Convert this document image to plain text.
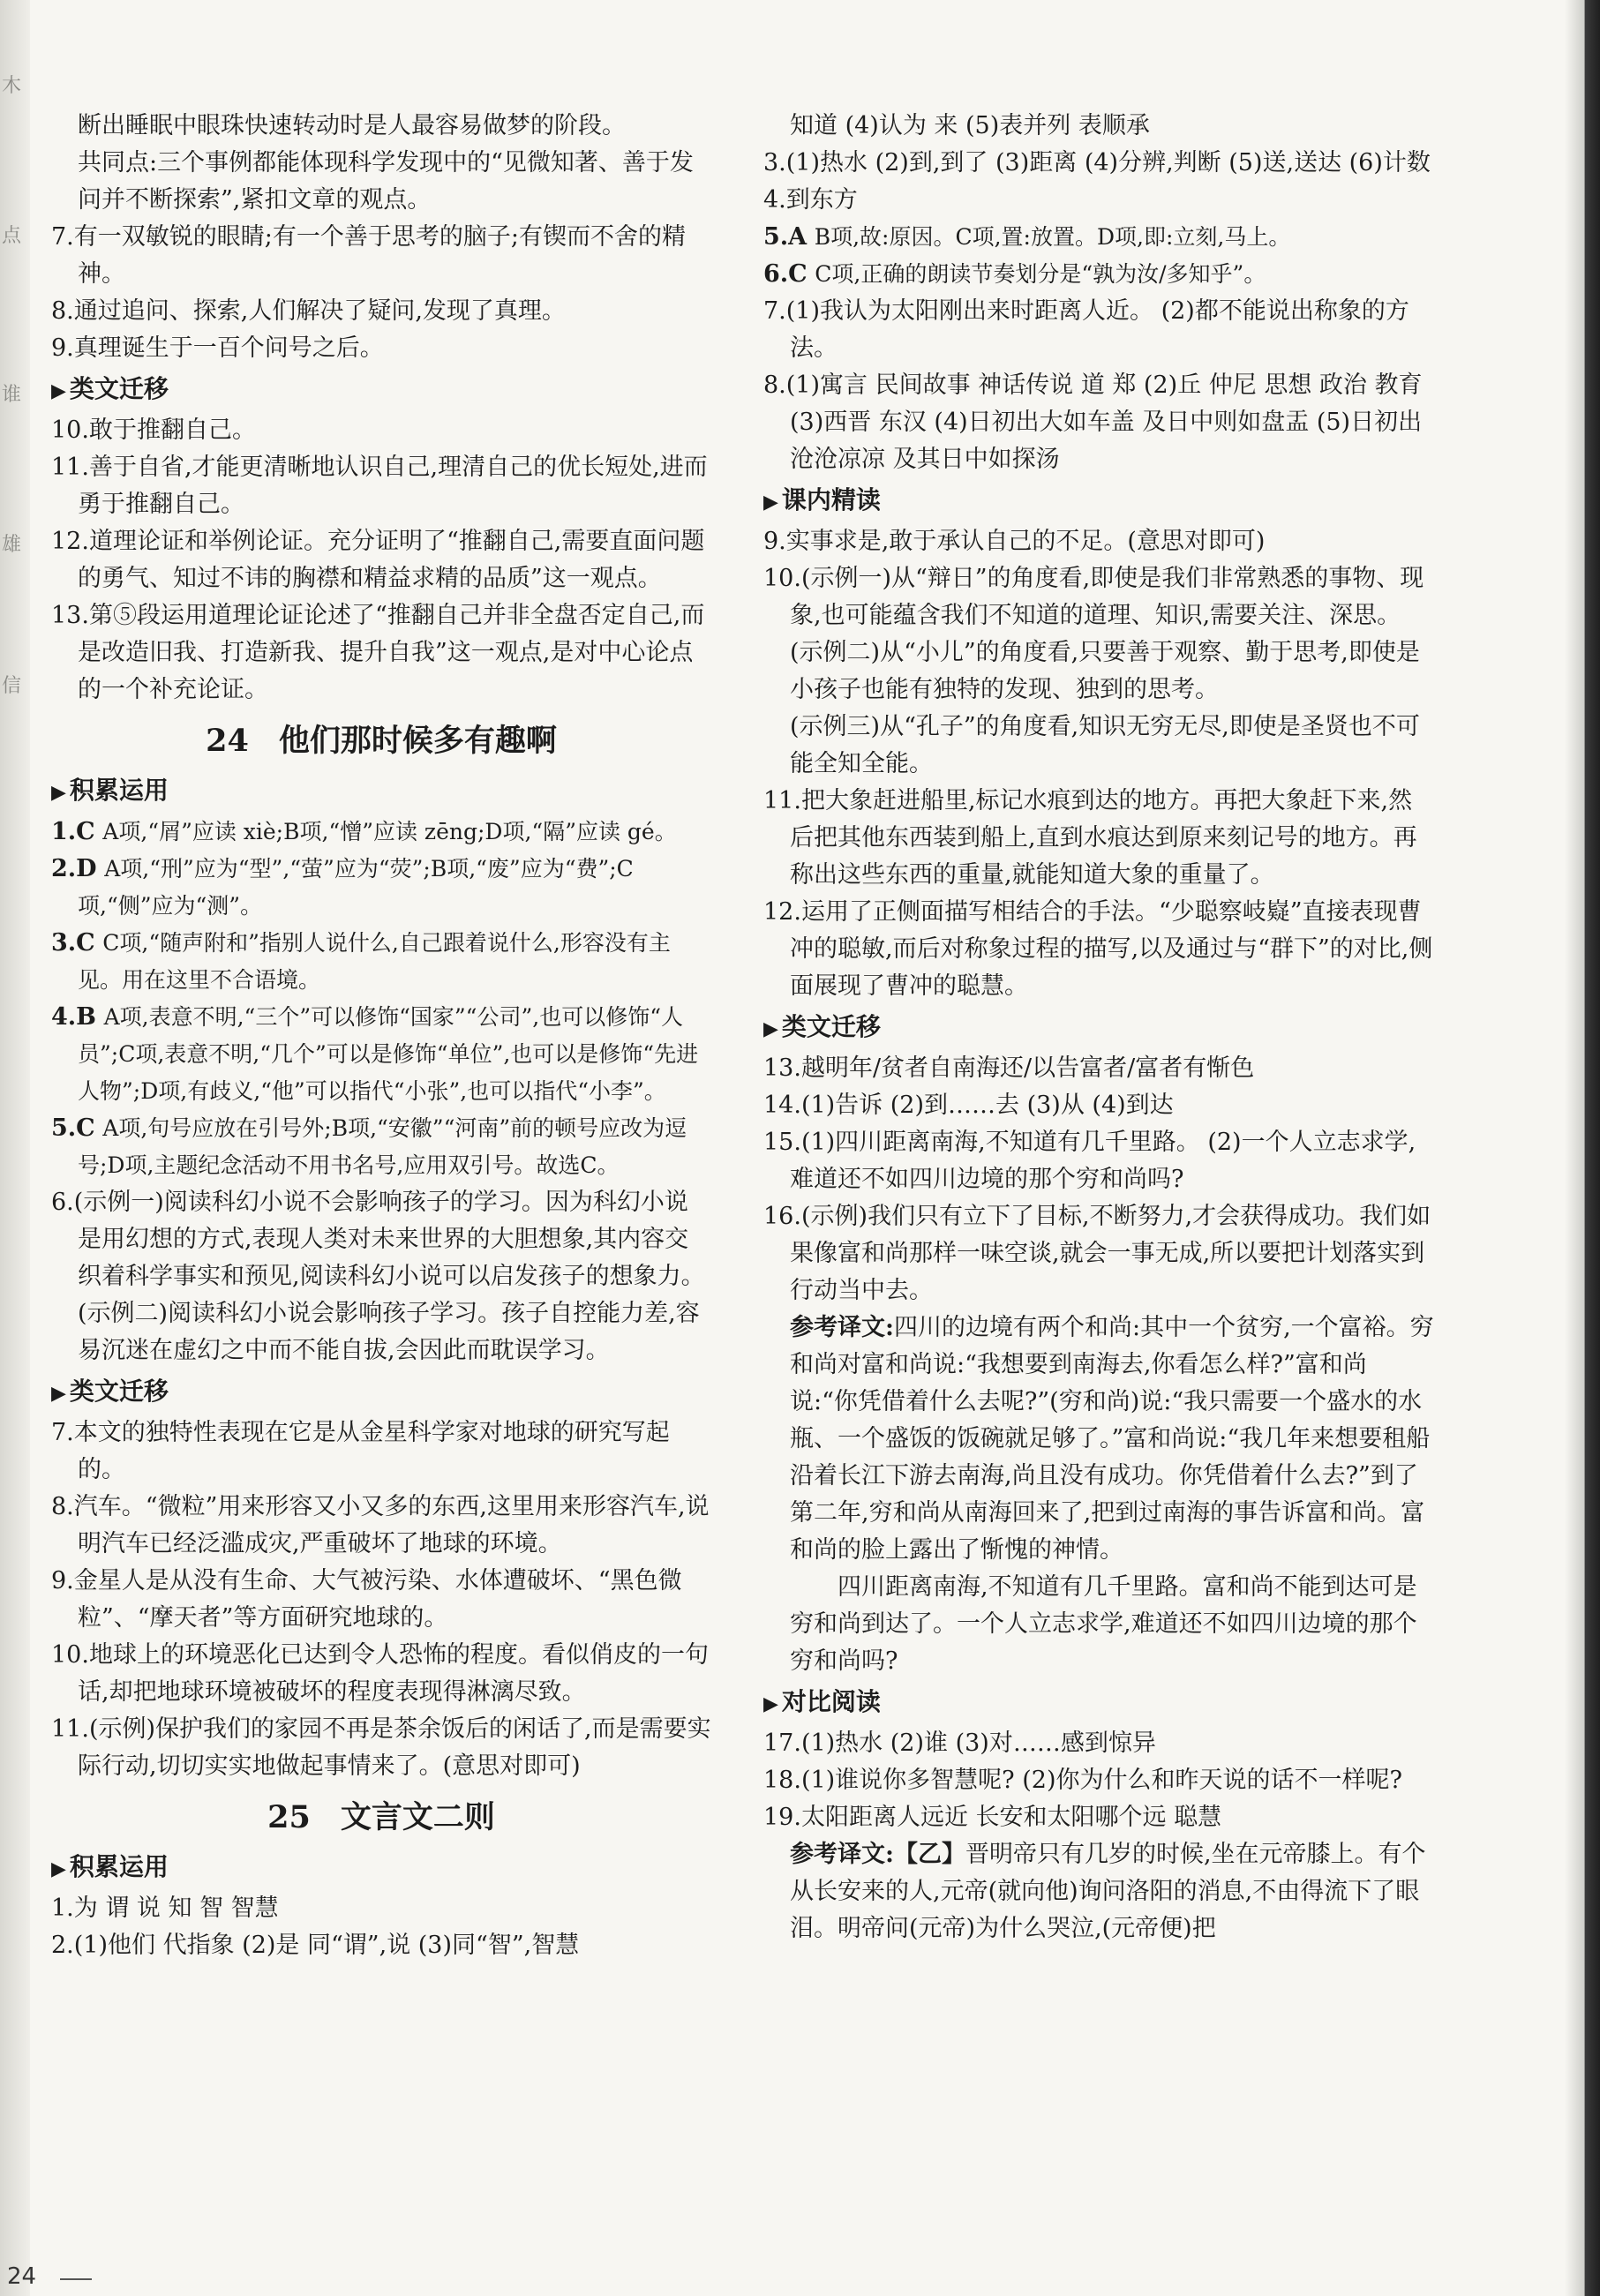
木
点
谁
雄
信

断出睡眠中眼珠快速转动时是人最容易做梦的阶段。

共同点:三个事例都能体现科学发现中的“见微知著、善于发问并不断探索”,紧扣文章的观点。

7.有一双敏锐的眼睛;有一个善于思考的脑子;有锲而不舍的精神。

8.通过追问、探索,人们解决了疑问,发现了真理。

9.真理诞生于一百个问号之后。

▶ 类文迁移

10.敢于推翻自己。

11.善于自省,才能更清晰地认识自己,理清自己的优长短处,进而勇于推翻自己。

12.道理论证和举例论证。充分证明了“推翻自己,需要直面问题的勇气、知过不讳的胸襟和精益求精的品质”这一观点。

13.第⑤段运用道理论证论述了“推翻自己并非全盘否定自己,而是改造旧我、打造新我、提升自我”这一观点,是对中心论点的一个补充论证。

24 他们那时候多有趣啊
▶ 积累运用

1.C A项,“屑”应读 xiè;B项,“憎”应读 zēng;D项,“隔”应读 gé。

2.D A项,“刑”应为“型”,“萤”应为“荧”;B项,“废”应为“费”;C项,“侧”应为“测”。

3.C C项,“随声附和”指别人说什么,自己跟着说什么,形容没有主见。用在这里不合语境。

4.B A项,表意不明,“三个”可以修饰“国家”“公司”,也可以修饰“人员”;C项,表意不明,“几个”可以是修饰“单位”,也可以是修饰“先进人物”;D项,有歧义,“他”可以指代“小张”,也可以指代“小李”。

5.C A项,句号应放在引号外;B项,“安徽”“河南”前的顿号应改为逗号;D项,主题纪念活动不用书名号,应用双引号。故选C。

6.(示例一)阅读科幻小说不会影响孩子的学习。因为科幻小说是用幻想的方式,表现人类对未来世界的大胆想象,其内容交织着科学事实和预见,阅读科幻小说可以启发孩子的想象力。

(示例二)阅读科幻小说会影响孩子学习。孩子自控能力差,容易沉迷在虚幻之中而不能自拔,会因此而耽误学习。

▶ 类文迁移

7.本文的独特性表现在它是从金星科学家对地球的研究写起的。

8.汽车。“微粒”用来形容又小又多的东西,这里用来形容汽车,说明汽车已经泛滥成灾,严重破坏了地球的环境。

9.金星人是从没有生命、大气被污染、水体遭破坏、“黑色微粒”、“摩天者”等方面研究地球的。

10.地球上的环境恶化已达到令人恐怖的程度。看似俏皮的一句话,却把地球环境被破坏的程度表现得淋漓尽致。

11.(示例)保护我们的家园不再是茶余饭后的闲话了,而是需要实际行动,切切实实地做起事情来了。(意思对即可)

25 文言文二则
▶ 积累运用

1.为 谓 说 知 智 智慧

2.(1)他们 代指象 (2)是 同“谓”,说 (3)同“智”,智慧

知道 (4)认为 来 (5)表并列 表顺承

3.(1)热水 (2)到,到了 (3)距离 (4)分辨,判断 (5)送,送达 (6)计数

4.到东方

5.A B项,故:原因。C项,置:放置。D项,即:立刻,马上。

6.C C项,正确的朗读节奏划分是“孰为汝/多知乎”。

7.(1)我认为太阳刚出来时距离人近。 (2)都不能说出称象的方法。

8.(1)寓言 民间故事 神话传说 道 郑 (2)丘 仲尼 思想 政治 教育 (3)西晋 东汉 (4)日初出大如车盖 及日中则如盘盂 (5)日初出沧沧凉凉 及其日中如探汤

▶ 课内精读

9.实事求是,敢于承认自己的不足。(意思对即可)

10.(示例一)从“辩日”的角度看,即使是我们非常熟悉的事物、现象,也可能蕴含我们不知道的道理、知识,需要关注、深思。

(示例二)从“小儿”的角度看,只要善于观察、勤于思考,即使是小孩子也能有独特的发现、独到的思考。

(示例三)从“孔子”的角度看,知识无穷无尽,即使是圣贤也不可能全知全能。

11.把大象赶进船里,标记水痕到达的地方。再把大象赶下来,然后把其他东西装到船上,直到水痕达到原来刻记号的地方。再称出这些东西的重量,就能知道大象的重量了。

12.运用了正侧面描写相结合的手法。“少聪察岐嶷”直接表现曹冲的聪敏,而后对称象过程的描写,以及通过与“群下”的对比,侧面展现了曹冲的聪慧。

▶ 类文迁移

13.越明年/贫者自南海还/以告富者/富者有惭色

14.(1)告诉 (2)到……去 (3)从 (4)到达

15.(1)四川距离南海,不知道有几千里路。 (2)一个人立志求学,难道还不如四川边境的那个穷和尚吗?

16.(示例)我们只有立下了目标,不断努力,才会获得成功。我们如果像富和尚那样一味空谈,就会一事无成,所以要把计划落实到行动当中去。

参考译文:四川的边境有两个和尚:其中一个贫穷,一个富裕。穷和尚对富和尚说:“我想要到南海去,你看怎么样?”富和尚说:“你凭借着什么去呢?”(穷和尚)说:“我只需要一个盛水的水瓶、一个盛饭的饭碗就足够了。”富和尚说:“我几年来想要租船沿着长江下游去南海,尚且没有成功。你凭借着什么去?”到了第二年,穷和尚从南海回来了,把到过南海的事告诉富和尚。富和尚的脸上露出了惭愧的神情。

四川距离南海,不知道有几千里路。富和尚不能到达可是穷和尚到达了。一个人立志求学,难道还不如四川边境的那个穷和尚吗?

▶ 对比阅读

17.(1)热水 (2)谁 (3)对……感到惊异

18.(1)谁说你多智慧呢? (2)你为什么和昨天说的话不一样呢?

19.太阳距离人远近 长安和太阳哪个远 聪慧

参考译文:【乙】晋明帝只有几岁的时候,坐在元帝膝上。有个从长安来的人,元帝(就向他)询问洛阳的消息,不由得流下了眼泪。明帝问(元帝)为什么哭泣,(元帝便)把

24
